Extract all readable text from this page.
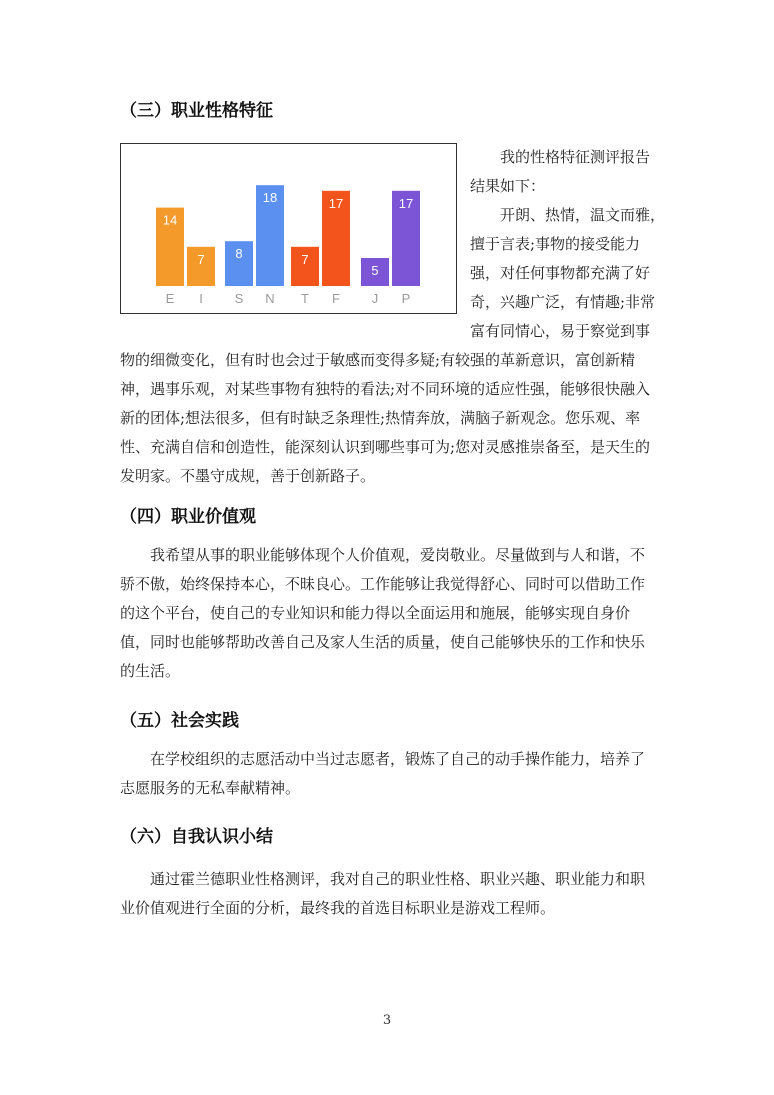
（三）职业性格特征
14
E
7
I
8
S
18
N
7
T
17
F
5
J
17
P

我的性格特征测评报告

结果如下：

开朗、热情，温文而雅，

擅于言表;事物的接受能力

强，对任何事物都充满了好

奇，兴趣广泛，有情趣;非常

富有同情心，易于察觉到事

物的细微变化，但有时也会过于敏感而变得多疑;有较强的革新意识，富创新精神，遇事乐观，对某些事物有独特的看法;对不同环境的适应性强，能够很快融入新的团体;想法很多，但有时缺乏条理性;热情奔放，满脑子新观念。您乐观、率性、充满自信和创造性，能深刻认识到哪些事可为;您对灵感推崇备至，是天生的发明家。不墨守成规，善于创新路子。

（四）职业价值观

我希望从事的职业能够体现个人价值观，爱岗敬业。尽量做到与人和谐，不骄不傲，始终保持本心，不昧良心。工作能够让我觉得舒心、同时可以借助工作的这个平台，使自己的专业知识和能力得以全面运用和施展，能够实现自身价值，同时也能够帮助改善自己及家人生活的质量，使自己能够快乐的工作和快乐的生活。

（五）社会实践

在学校组织的志愿活动中当过志愿者，锻炼了自己的动手操作能力，培养了志愿服务的无私奉献精神。

（六）自我认识小结

通过霍兰德职业性格测评，我对自己的职业性格、职业兴趣、职业能力和职业价值观进行全面的分析，最终我的首选目标职业是游戏工程师。

3
